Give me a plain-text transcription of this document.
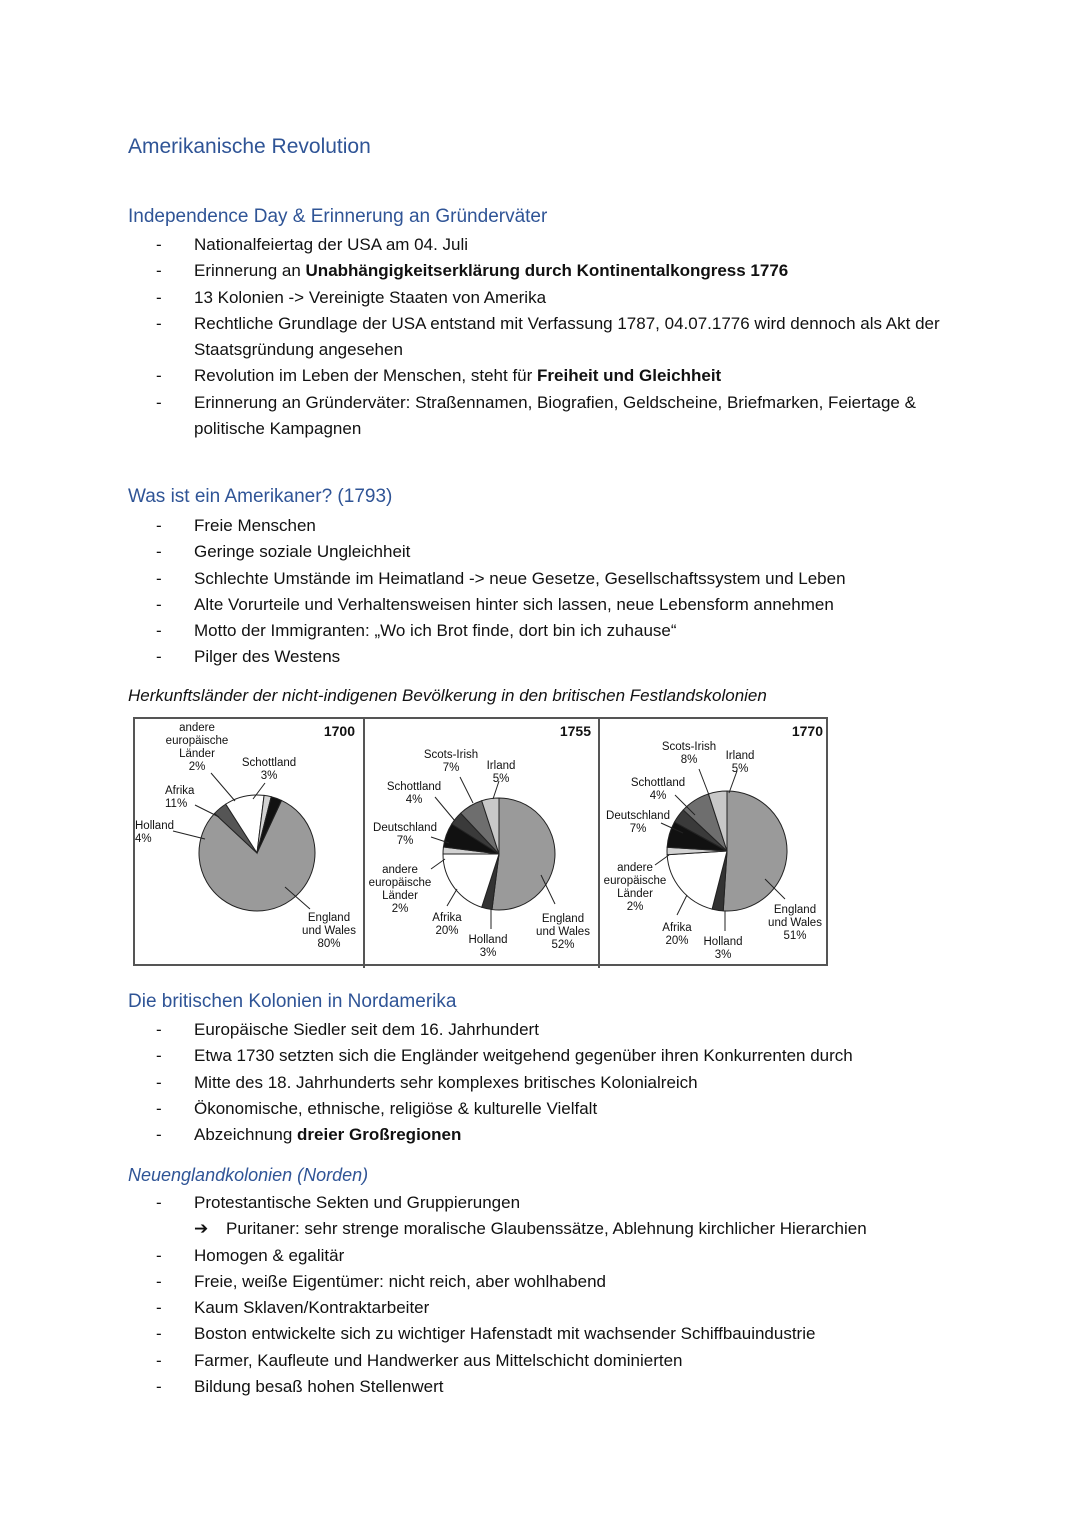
Amerikanische Revolution
Independence Day & Erinnerung an Gründerväter
- Nationalfeiertag der USA am 04. Juli
- Erinnerung an Unabhängigkeitserklärung durch Kontinentalkongress 1776
- 13 Kolonien -> Vereinigte Staaten von Amerika
- Rechtliche Grundlage der USA entstand mit Verfassung 1787, 04.07.1776 wird dennoch als Akt der Staatsgründung angesehen
- Revolution im Leben der Menschen, steht für Freiheit und Gleichheit
- Erinnerung an Gründerväter: Straßennamen, Biografien, Geldscheine, Briefmarken, Feiertage & politische Kampagnen
Was ist ein Amerikaner? (1793)
- Freie Menschen
- Geringe soziale Ungleichheit
- Schlechte Umstände im Heimatland -> neue Gesetze, Gesellschaftssystem und Leben
- Alte Vorurteile und Verhaltensweisen hinter sich lassen, neue Lebensform annehmen
- Motto der Immigranten: „Wo ich Brot finde, dort bin ich zuhause“
- Pilger des Westens
Herkunftsländer der nicht-indigenen Bevölkerung in den britischen Festlandskolonien
England und Wales 80%
Holland 4%
Afrika 11%
andere europäische Länder 2%	Schottland 3%
1700
England und Wales 52%
Holland 3%
Afrika 20%
andere europäische Länder 2%
Deutschland 7%
Schottland 4%
Scots-Irish 7%	Irland 5%
1755
England und Wales 51%
Holland 3%
Afrika 20%
andere europäische Länder 2%
Deutschland 7%
Schottland 4%
Scots-Irish 8%	Irland 5%
1770
Die britischen Kolonien in Nordamerika
- Europäische Siedler seit dem 16. Jahrhundert
- Etwa 1730 setzten sich die Engländer weitgehend gegenüber ihren Konkurrenten durch
- Mitte des 18. Jahrhunderts sehr komplexes britisches Kolonialreich
- Ökonomische, ethnische, religiöse & kulturelle Vielfalt
- Abzeichnung dreier Großregionen
Neuenglandkolonien (Norden)
- Protestantische Sekten und Gruppierungen
➔ Puritaner: sehr strenge moralische Glaubenssätze, Ablehnung kirchlicher Hierarchien
- Homogen & egalitär
- Freie, weiße Eigentümer: nicht reich, aber wohlhabend
- Kaum Sklaven/Kontraktarbeiter
- Boston entwickelte sich zu wichtiger Hafenstadt mit wachsender Schiffbauindustrie
- Farmer, Kaufleute und Handwerker aus Mittelschicht dominierten
- Bildung besaß hohen Stellenwert
